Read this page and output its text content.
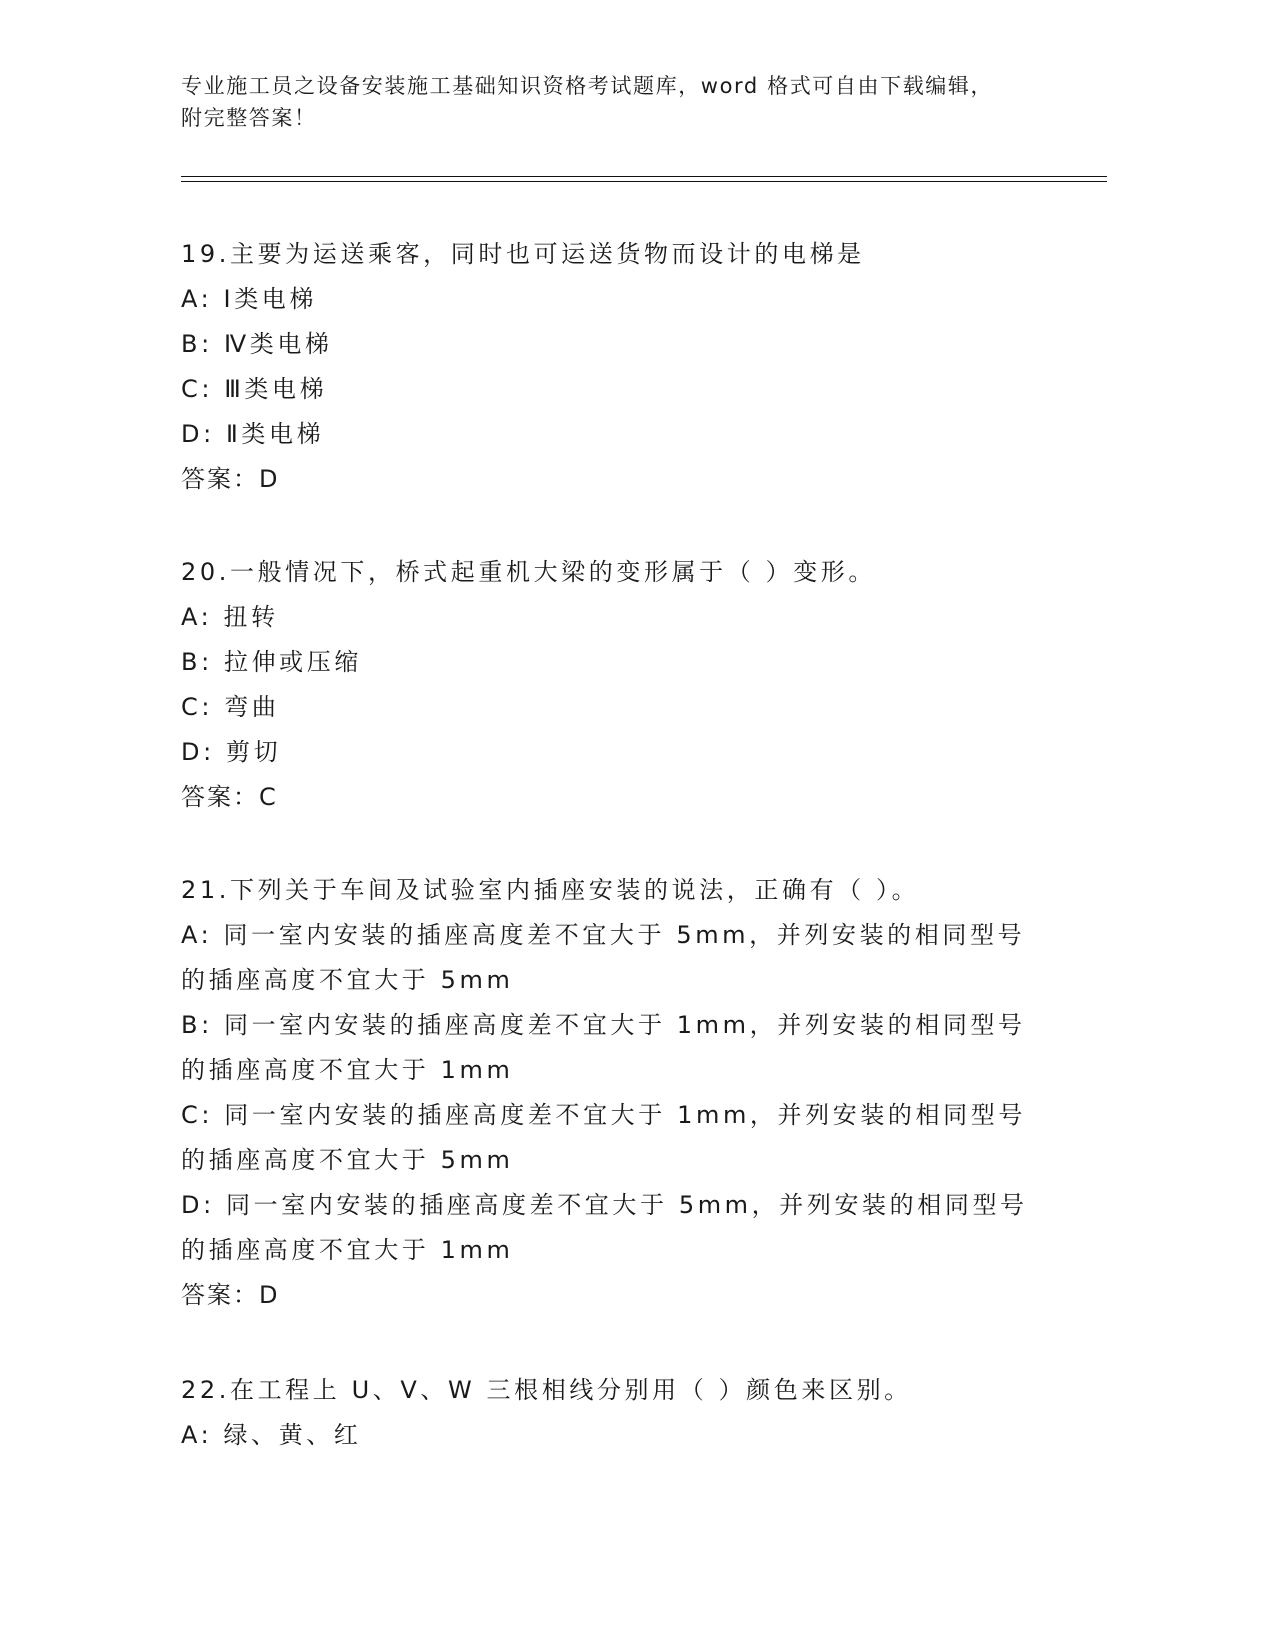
专业施工员之设备安装施工基础知识资格考试题库，word 格式可自由下载编辑，
附完整答案！
19.主要为运送乘客，同时也可运送货物而设计的电梯是
A: Ⅰ类电梯
B: Ⅳ类电梯
C: Ⅲ类电梯
D: Ⅱ类电梯
答案：D
20.一般情况下，桥式起重机大梁的变形属于（ ）变形。
A: 扭转
B: 拉伸或压缩
C: 弯曲
D: 剪切
答案：C
21.下列关于车间及试验室内插座安装的说法，正确有（ ）。
A: 同一室内安装的插座高度差不宜大于 5mm，并列安装的相同型号的插座高度不宜大于 5mm
B: 同一室内安装的插座高度差不宜大于 1mm，并列安装的相同型号的插座高度不宜大于 1mm
C: 同一室内安装的插座高度差不宜大于 1mm，并列安装的相同型号的插座高度不宜大于 5mm
D: 同一室内安装的插座高度差不宜大于 5mm，并列安装的相同型号的插座高度不宜大于 1mm
答案：D
22.在工程上 U、V、W 三根相线分别用（ ）颜色来区别。
A: 绿、黄、红
